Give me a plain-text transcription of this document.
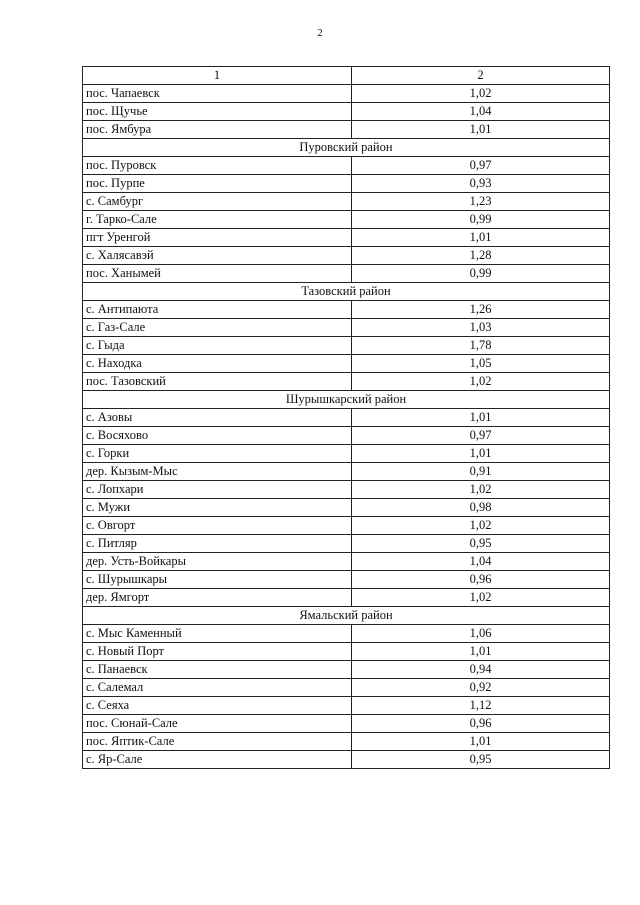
2
1	2
пос. Чапаевск	1,02
пос. Щучье	1,04
пос. Ямбура	1,01
Пуровский район	
пос. Пуровск	0,97
пос. Пурпе	0,93
с. Самбург	1,23
г. Тарко-Сале	0,99
пгт Уренгой	1,01
с. Халясавэй	1,28
пос. Ханымей	0,99
Тазовский район	
с. Антипаюта	1,26
с. Газ-Сале	1,03
с. Гыда	1,78
с. Находка	1,05
пос. Тазовский	1,02
Шурышкарский район	
с. Азовы	1,01
с. Восяхово	0,97
с. Горки	1,01
дер. Кызым-Мыс	0,91
с. Лопхари	1,02
с. Мужи	0,98
с. Овгорт	1,02
с. Питляр	0,95
дер. Усть-Войкары	1,04
с. Шурышкары	0,96
дер. Ямгорт	1,02
Ямальский район	
с. Мыс Каменный	1,06
с. Новый Порт	1,01
с. Панаевск	0,94
с. Салемал	0,92
с. Сеяха	1,12
пос. Сюнай-Сале	0,96
пос. Яптик-Сале	1,01
с. Яр-Сале	0,95
